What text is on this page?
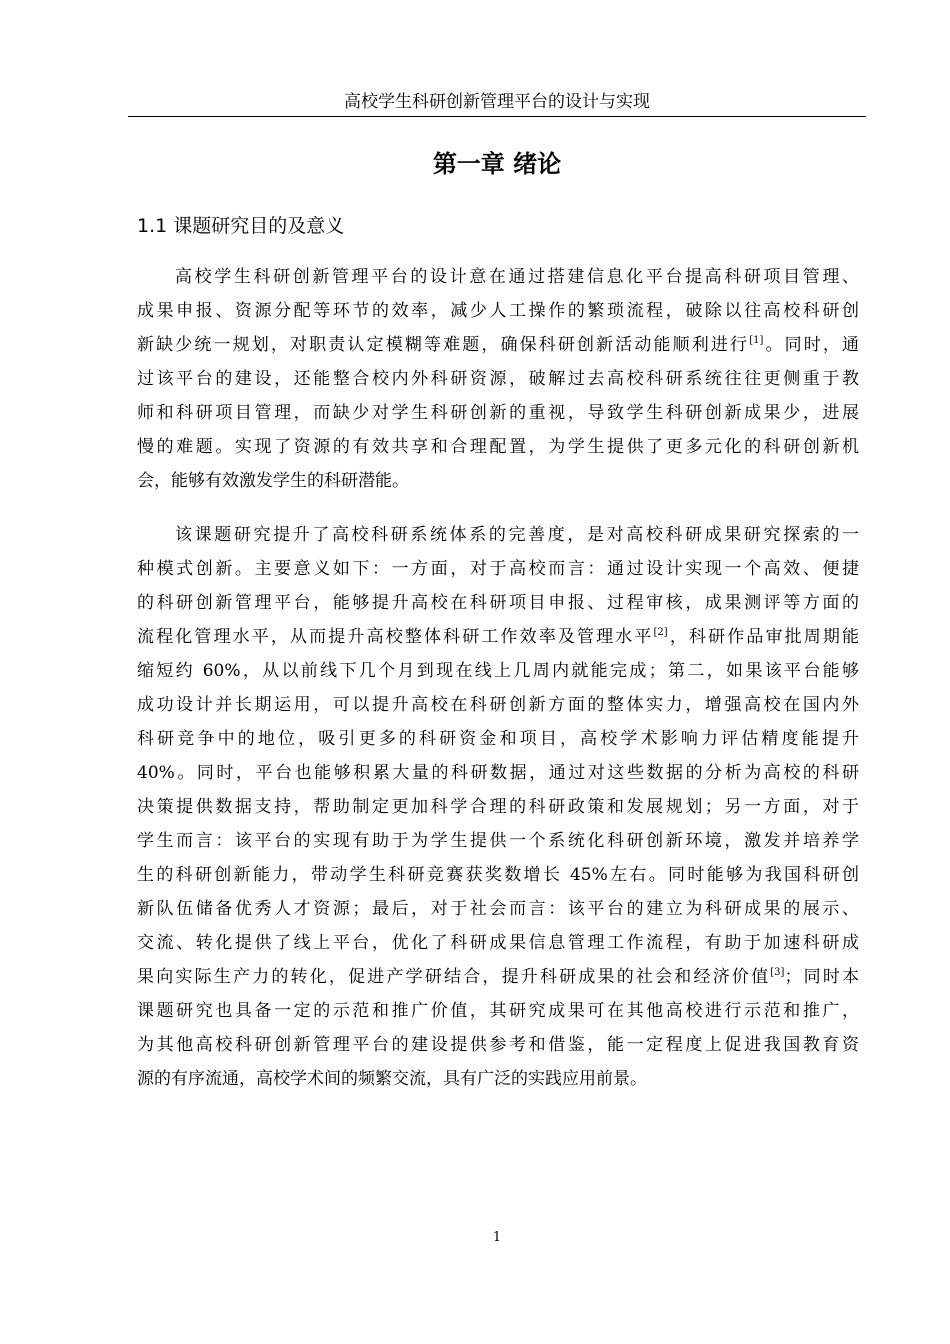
高校学生科研创新管理平台的设计与实现
第一章 绪论
1.1 课题研究目的及意义
高校学生科研创新管理平台的设计意在通过搭建信息化平台提高科研项目管理、
成果申报、资源分配等环节的效率，减少人工操作的繁琐流程，破除以往高校科研创
新缺少统一规划，对职责认定模糊等难题，确保科研创新活动能顺利进行[1]。同时，通
过该平台的建设，还能整合校内外科研资源，破解过去高校科研系统往往更侧重于教
师和科研项目管理，而缺少对学生科研创新的重视，导致学生科研创新成果少，进展
慢的难题。实现了资源的有效共享和合理配置，为学生提供了更多元化的科研创新机
会，能够有效激发学生的科研潜能。
该课题研究提升了高校科研系统体系的完善度，是对高校科研成果研究探索的一
种模式创新。主要意义如下：一方面，对于高校而言：通过设计实现一个高效、便捷
的科研创新管理平台，能够提升高校在科研项目申报、过程审核，成果测评等方面的
流程化管理水平，从而提升高校整体科研工作效率及管理水平[2]，科研作品审批周期能
缩短约 60%，从以前线下几个月到现在线上几周内就能完成；第二，如果该平台能够
成功设计并长期运用，可以提升高校在科研创新方面的整体实力，增强高校在国内外
科研竞争中的地位，吸引更多的科研资金和项目，高校学术影响力评估精度能提升
40%。同时，平台也能够积累大量的科研数据，通过对这些数据的分析为高校的科研
决策提供数据支持，帮助制定更加科学合理的科研政策和发展规划；另一方面，对于
学生而言：该平台的实现有助于为学生提供一个系统化科研创新环境，激发并培养学
生的科研创新能力，带动学生科研竞赛获奖数增长 45%左右。同时能够为我国科研创
新队伍储备优秀人才资源；最后，对于社会而言：该平台的建立为科研成果的展示、
交流、转化提供了线上平台，优化了科研成果信息管理工作流程，有助于加速科研成
果向实际生产力的转化，促进产学研结合，提升科研成果的社会和经济价值[3]；同时本
课题研究也具备一定的示范和推广价值，其研究成果可在其他高校进行示范和推广，
为其他高校科研创新管理平台的建设提供参考和借鉴，能一定程度上促进我国教育资
源的有序流通，高校学术间的频繁交流，具有广泛的实践应用前景。
1
